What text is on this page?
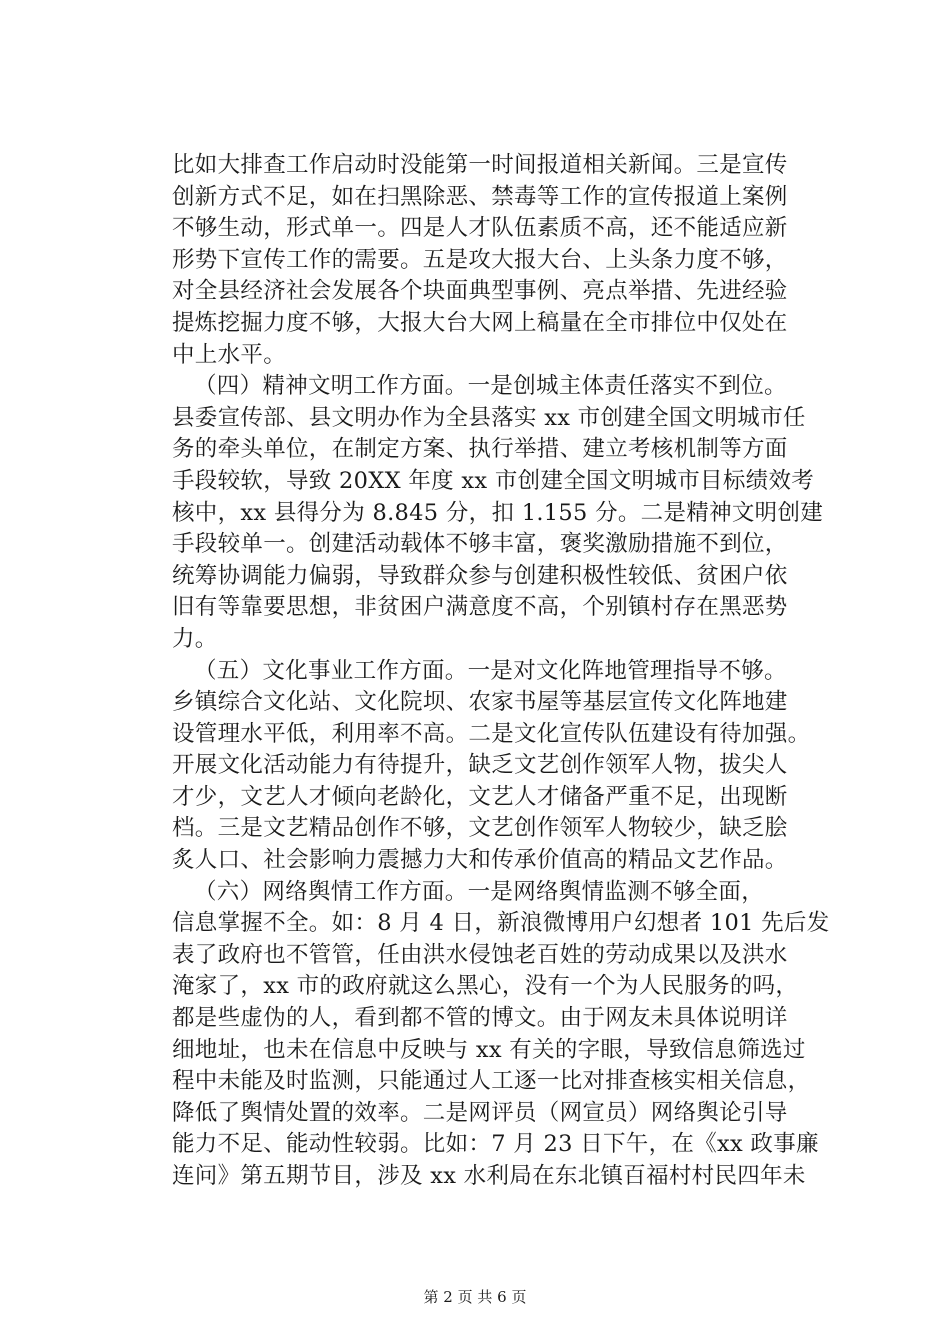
比如大排查工作启动时没能第一时间报道相关新闻。三是宣传
创新方式不足，如在扫黑除恶、禁毒等工作的宣传报道上案例
不够生动，形式单一。四是人才队伍素质不高，还不能适应新
形势下宣传工作的需要。五是攻大报大台、上头条力度不够，
对全县经济社会发展各个块面典型事例、亮点举措、先进经验
提炼挖掘力度不够，大报大台大网上稿量在全市排位中仅处在
中上水平。
（四）精神文明工作方面。一是创城主体责任落实不到位。
县委宣传部、县文明办作为全县落实 xx 市创建全国文明城市任
务的牵头单位，在制定方案、执行举措、建立考核机制等方面
手段较软，导致 20XX 年度 xx 市创建全国文明城市目标绩效考
核中，xx 县得分为 8.845 分，扣 1.155 分。二是精神文明创建
手段较单一。创建活动载体不够丰富，褒奖激励措施不到位，
统筹协调能力偏弱，导致群众参与创建积极性较低、贫困户依
旧有等靠要思想，非贫困户满意度不高，个别镇村存在黑恶势
力。
（五）文化事业工作方面。一是对文化阵地管理指导不够。
乡镇综合文化站、文化院坝、农家书屋等基层宣传文化阵地建
设管理水平低，利用率不高。二是文化宣传队伍建设有待加强。
开展文化活动能力有待提升，缺乏文艺创作领军人物，拔尖人
才少，文艺人才倾向老龄化，文艺人才储备严重不足，出现断
档。三是文艺精品创作不够，文艺创作领军人物较少，缺乏脍
炙人口、社会影响力震撼力大和传承价值高的精品文艺作品。
（六）网络舆情工作方面。一是网络舆情监测不够全面，
信息掌握不全。如：8 月 4 日，新浪微博用户幻想者 101 先后发
表了政府也不管管，任由洪水侵蚀老百姓的劳动成果以及洪水
淹家了，xx 市的政府就这么黑心，没有一个为人民服务的吗，
都是些虚伪的人，看到都不管的博文。由于网友未具体说明详
细地址，也未在信息中反映与 xx 有关的字眼，导致信息筛选过
程中未能及时监测，只能通过人工逐一比对排查核实相关信息，
降低了舆情处置的效率。二是网评员（网宣员）网络舆论引导
能力不足、能动性较弱。比如：7 月 23 日下午，在《xx 政事廉
连问》第五期节目，涉及 xx 水利局在东北镇百福村村民四年未
第 2 页 共 6 页
